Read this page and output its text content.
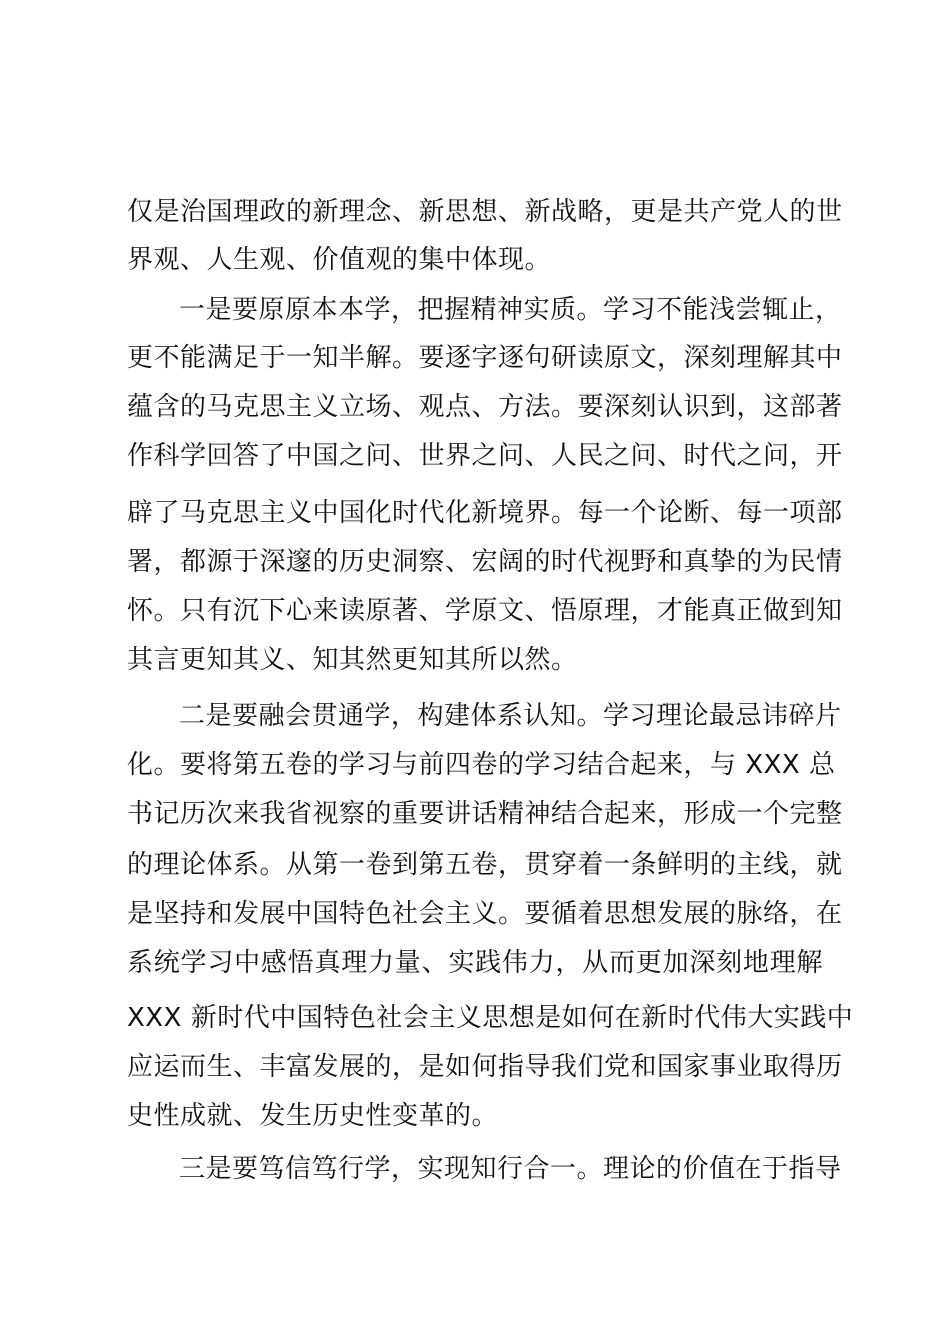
仅是治国理政的新理念、新思想、新战略，更是共产党人的世
界观、人生观、价值观的集中体现。
一是要原原本本学，把握精神实质。学习不能浅尝辄止，
更不能满足于一知半解。要逐字逐句研读原文，深刻理解其中
蕴含的马克思主义立场、观点、方法。要深刻认识到，这部著
作科学回答了中国之问、世界之问、人民之问、时代之问，开
辟了马克思主义中国化时代化新境界。每一个论断、每一项部
署，都源于深邃的历史洞察、宏阔的时代视野和真挚的为民情
怀。只有沉下心来读原著、学原文、悟原理，才能真正做到知
其言更知其义、知其然更知其所以然。
二是要融会贯通学，构建体系认知。学习理论最忌讳碎片
化。要将第五卷的学习与前四卷的学习结合起来，与 XXX 总
书记历次来我省视察的重要讲话精神结合起来，形成一个完整
的理论体系。从第一卷到第五卷，贯穿着一条鲜明的主线，就
是坚持和发展中国特色社会主义。要循着思想发展的脉络，在
系统学习中感悟真理力量、实践伟力，从而更加深刻地理解
XXX 新时代中国特色社会主义思想是如何在新时代伟大实践中
应运而生、丰富发展的，是如何指导我们党和国家事业取得历
史性成就、发生历史性变革的。
三是要笃信笃行学，实现知行合一。理论的价值在于指导
